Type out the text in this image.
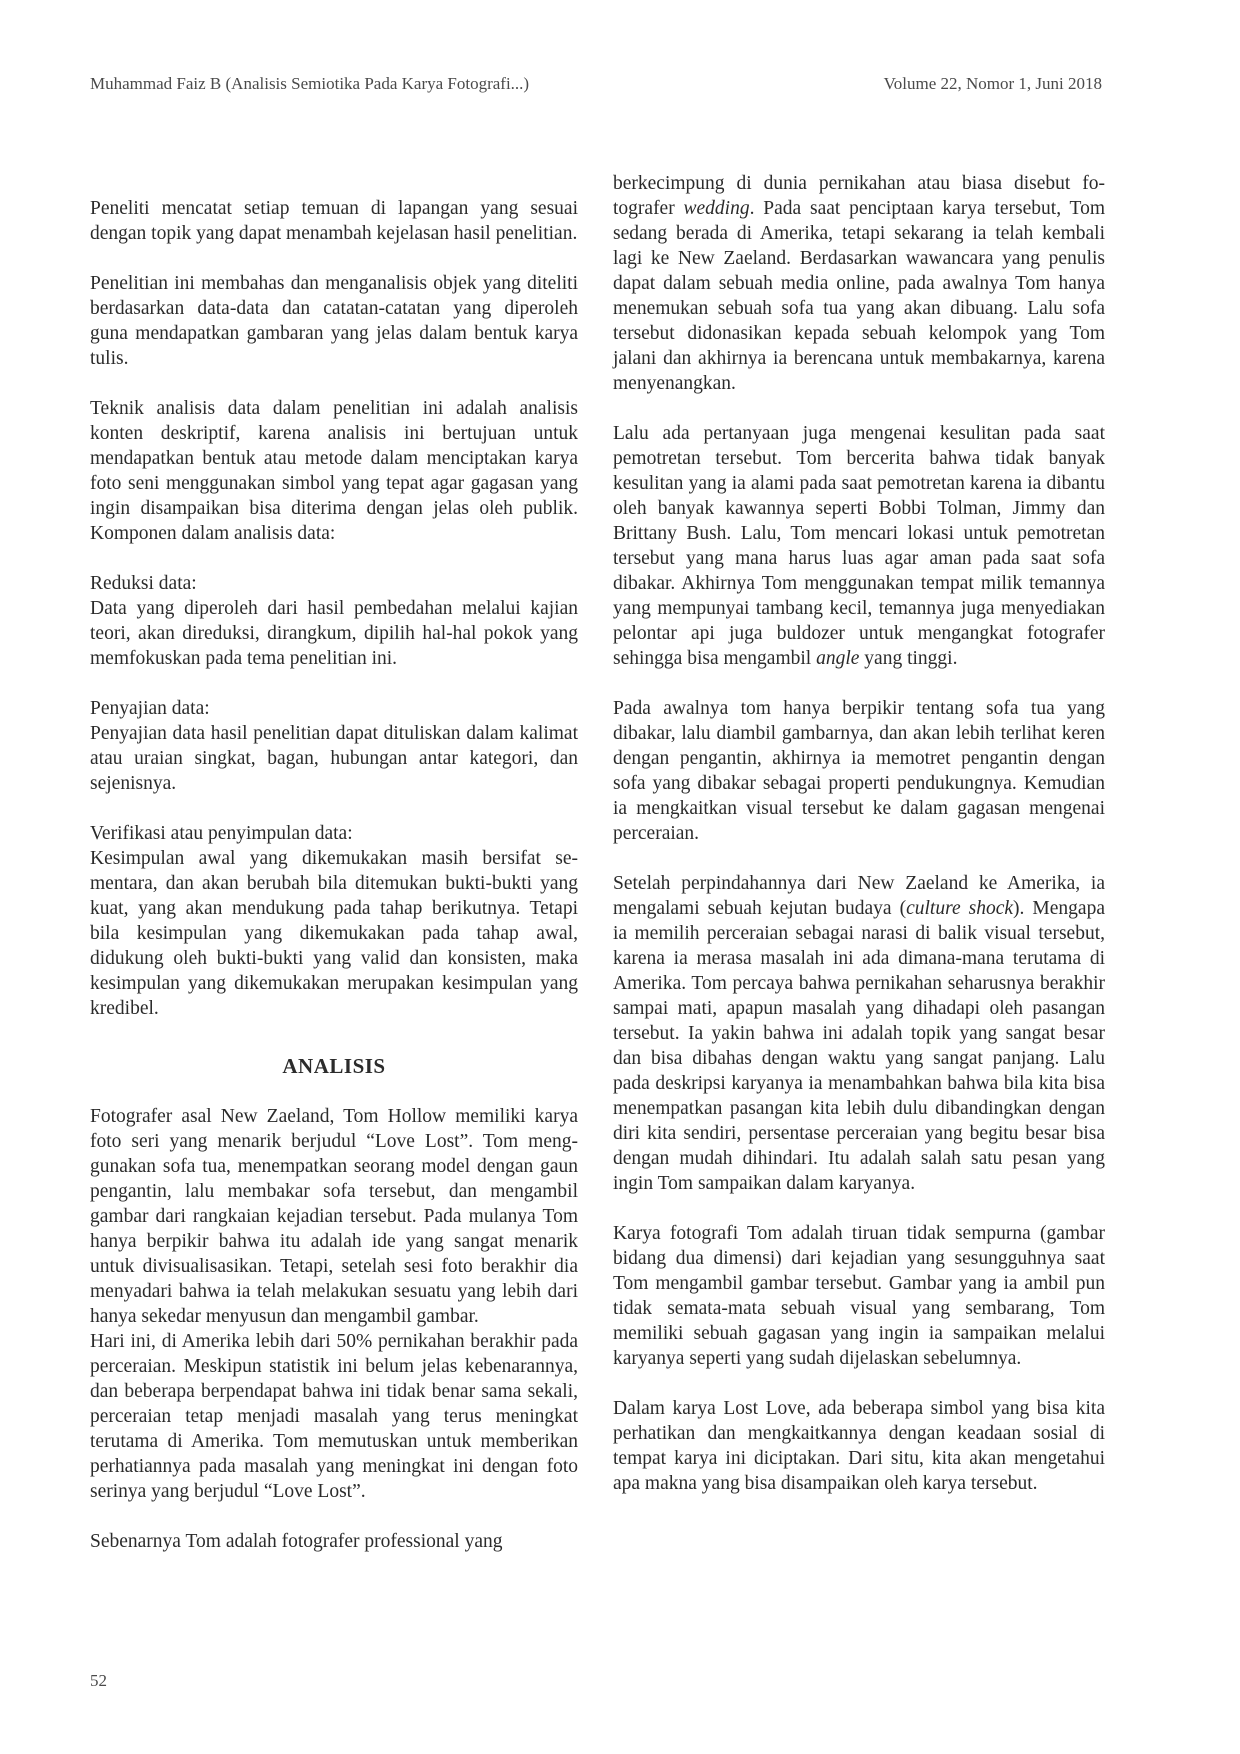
Muhammad Faiz B (Analisis Semiotika Pada Karya Fotografi...)	Volume 22, Nomor 1, Juni 2018

Peneliti mencatat setiap temuan di lapangan yang sesuai dengan topik yang dapat menambah kejelasan hasil penelitian.

Penelitian ini membahas dan menganalisis objek yang diteliti berdasarkan data-data dan catatan-catatan yang diperoleh guna mendapatkan gambaran yang jelas dalam bentuk karya tulis.

Teknik analisis data dalam penelitian ini adalah analisis konten deskriptif, karena analisis ini bertujuan untuk mendapatkan bentuk atau metode dalam menciptakan karya foto seni menggunakan simbol yang tepat agar gagasan yang ingin disampaikan bisa diterima dengan jelas oleh publik. Komponen dalam analisis data:

Reduksi data:

Data yang diperoleh dari hasil pembedahan melalui kajian teori, akan direduksi, dirangkum, dipilih hal-hal pokok yang memfokuskan pada tema penelitian ini.

Penyajian data:

Penyajian data hasil penelitian dapat dituliskan dalam kalimat atau uraian singkat, bagan, hubungan antar kategori, dan sejenisnya.

Verifikasi atau penyimpulan data:

Kesimpulan awal yang dikemukakan masih bersifat sementara, dan akan berubah bila ditemukan bukti-bukti yang kuat, yang akan mendukung pada tahap berikutnya. Tetapi bila kesimpulan yang dikemukakan pada tahap awal, didukung oleh bukti-bukti yang valid dan konsisten, maka kesimpulan yang dikemukakan merupakan kesimpulan yang kredibel.

ANALISIS

Fotografer asal New Zaeland, Tom Hollow memiliki karya foto seri yang menarik berjudul “Love Lost”. Tom menggunakan sofa tua, menempatkan seorang model dengan gaun pengantin, lalu membakar sofa tersebut, dan mengambil gambar dari rangkaian kejadian tersebut. Pada mulanya Tom hanya berpikir bahwa itu adalah ide yang sangat menarik untuk divisualisasikan. Tetapi, setelah sesi foto berakhir dia menyadari bahwa ia telah melakukan sesuatu yang lebih dari hanya sekedar menyusun dan mengambil gambar.

Hari ini, di Amerika lebih dari 50% pernikahan berakhir pada perceraian. Meskipun statistik ini belum jelas kebenarannya, dan beberapa berpendapat bahwa ini tidak benar sama sekali, perceraian tetap menjadi masalah yang terus meningkat terutama di Amerika. Tom memutuskan untuk memberikan perhatiannya pada masalah yang meningkat ini dengan foto serinya yang berjudul “Love Lost”.

Sebenarnya Tom adalah fotografer professional yang

berkecimpung di dunia pernikahan atau biasa disebut fotografer wedding. Pada saat penciptaan karya tersebut, Tom sedang berada di Amerika, tetapi sekarang ia telah kembali lagi ke New Zaeland. Berdasarkan wawancara yang penulis dapat dalam sebuah media online, pada awalnya Tom hanya menemukan sebuah sofa tua yang akan dibuang. Lalu sofa tersebut didonasikan kepada sebuah kelompok yang Tom jalani dan akhirnya ia berencana untuk membakarnya, karena menyenangkan.

Lalu ada pertanyaan juga mengenai kesulitan pada saat pemotretan tersebut. Tom bercerita bahwa tidak banyak kesulitan yang ia alami pada saat pemotretan karena ia dibantu oleh banyak kawannya seperti Bobbi Tolman, Jimmy dan Brittany Bush. Lalu, Tom mencari lokasi untuk pemotretan tersebut yang mana harus luas agar aman pada saat sofa dibakar. Akhirnya Tom menggunakan tempat milik temannya yang mempunyai tambang kecil, temannya juga menyediakan pelontar api juga buldozer untuk mengangkat fotografer sehingga bisa mengambil angle yang tinggi.

Pada awalnya tom hanya berpikir tentang sofa tua yang dibakar, lalu diambil gambarnya, dan akan lebih terlihat keren dengan pengantin, akhirnya ia memotret pengantin dengan sofa yang dibakar sebagai properti pendukungnya. Kemudian ia mengkaitkan visual tersebut ke dalam gagasan mengenai perceraian.

Setelah perpindahannya dari New Zaeland ke Amerika, ia mengalami sebuah kejutan budaya (culture shock). Mengapa ia memilih perceraian sebagai narasi di balik visual tersebut, karena ia merasa masalah ini ada dimana-mana terutama di Amerika. Tom percaya bahwa pernikahan seharusnya berakhir sampai mati, apapun masalah yang dihadapi oleh pasangan tersebut. Ia yakin bahwa ini adalah topik yang sangat besar dan bisa dibahas dengan waktu yang sangat panjang. Lalu pada deskripsi karyanya ia menambahkan bahwa bila kita bisa menempatkan pasangan kita lebih dulu dibandingkan dengan diri kita sendiri, persentase perceraian yang begitu besar bisa dengan mudah dihindari. Itu adalah salah satu pesan yang ingin Tom sampaikan dalam karyanya.

Karya fotografi Tom adalah tiruan tidak sempurna (gambar bidang dua dimensi) dari kejadian yang sesungguhnya saat Tom mengambil gambar tersebut. Gambar yang ia ambil pun tidak semata-mata sebuah visual yang sembarang, Tom memiliki sebuah gagasan yang ingin ia sampaikan melalui karyanya seperti yang sudah dijelaskan sebelumnya.

Dalam karya Lost Love, ada beberapa simbol yang bisa kita perhatikan dan mengkaitkannya dengan keadaan sosial di tempat karya ini diciptakan. Dari situ, kita akan mengetahui apa makna yang bisa disampaikan oleh karya tersebut.

52
